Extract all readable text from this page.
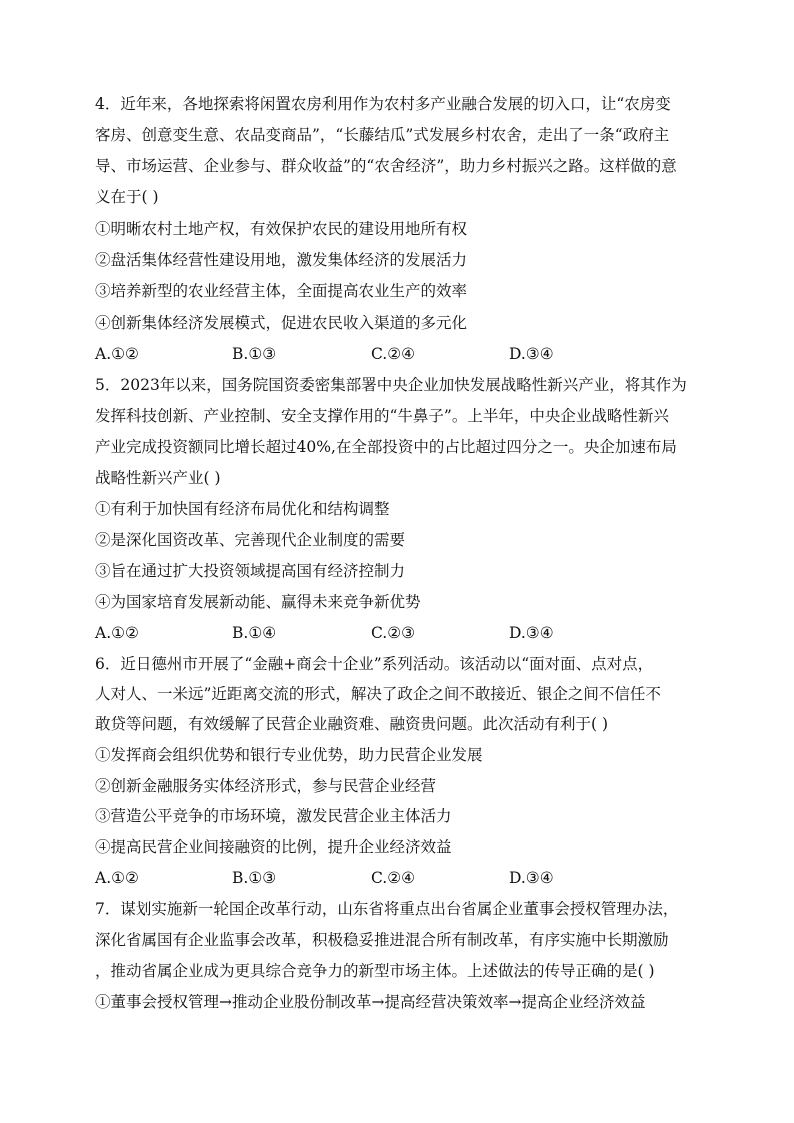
4．近年来，各地探索将闲置农房利用作为农村多产业融合发展的切入口，让“农房变
客房、创意变生意、农品变商品”，“长藤结瓜”式发展乡村农舍，走出了一条“政府主
导、市场运营、企业参与、群众收益”的“农舍经济”，助力乡村振兴之路。这样做的意
义在于( )
①明晰农村土地产权，有效保护农民的建设用地所有权
②盘活集体经营性建设用地，激发集体经济的发展活力
③培养新型的农业经营主体，全面提高农业生产的效率
④创新集体经济发展模式，促进农民收入渠道的多元化
A.①②	B.①③	C.②④	D.③④
5．2023年以来，国务院国资委密集部署中央企业加快发展战略性新兴产业，将其作为
发挥科技创新、产业控制、安全支撑作用的“牛鼻子”。上半年，中央企业战略性新兴
产业完成投资额同比增长超过40%,在全部投资中的占比超过四分之一。央企加速布局
战略性新兴产业( )
①有利于加快国有经济布局优化和结构调整
②是深化国资改革、完善现代企业制度的需要
③旨在通过扩大投资领域提高国有经济控制力
④为国家培育发展新动能、赢得未来竞争新优势
A.①②	B.①④	C.②③	D.③④
6．近日德州市开展了“金融+商会十企业”系列活动。该活动以“面对面、点对点，
人对人、一米远”近距离交流的形式，解决了政企之间不敢接近、银企之间不信任不
敢贷等问题，有效缓解了民营企业融资难、融资贵问题。此次活动有利于( )
①发挥商会组织优势和银行专业优势，助力民营企业发展
②创新金融服务实体经济形式，参与民营企业经营
③营造公平竞争的市场环境，激发民营企业主体活力
④提高民营企业间接融资的比例，提升企业经济效益
A.①②	B.①③	C.②④	D.③④
7．谋划实施新一轮国企改革行动，山东省将重点出台省属企业董事会授权管理办法，
深化省属国有企业监事会改革，积极稳妥推进混合所有制改革，有序实施中长期激励
，推动省属企业成为更具综合竞争力的新型市场主体。上述做法的传导正确的是( )
①董事会授权管理→推动企业股份制改革→提高经营决策效率→提高企业经济效益
